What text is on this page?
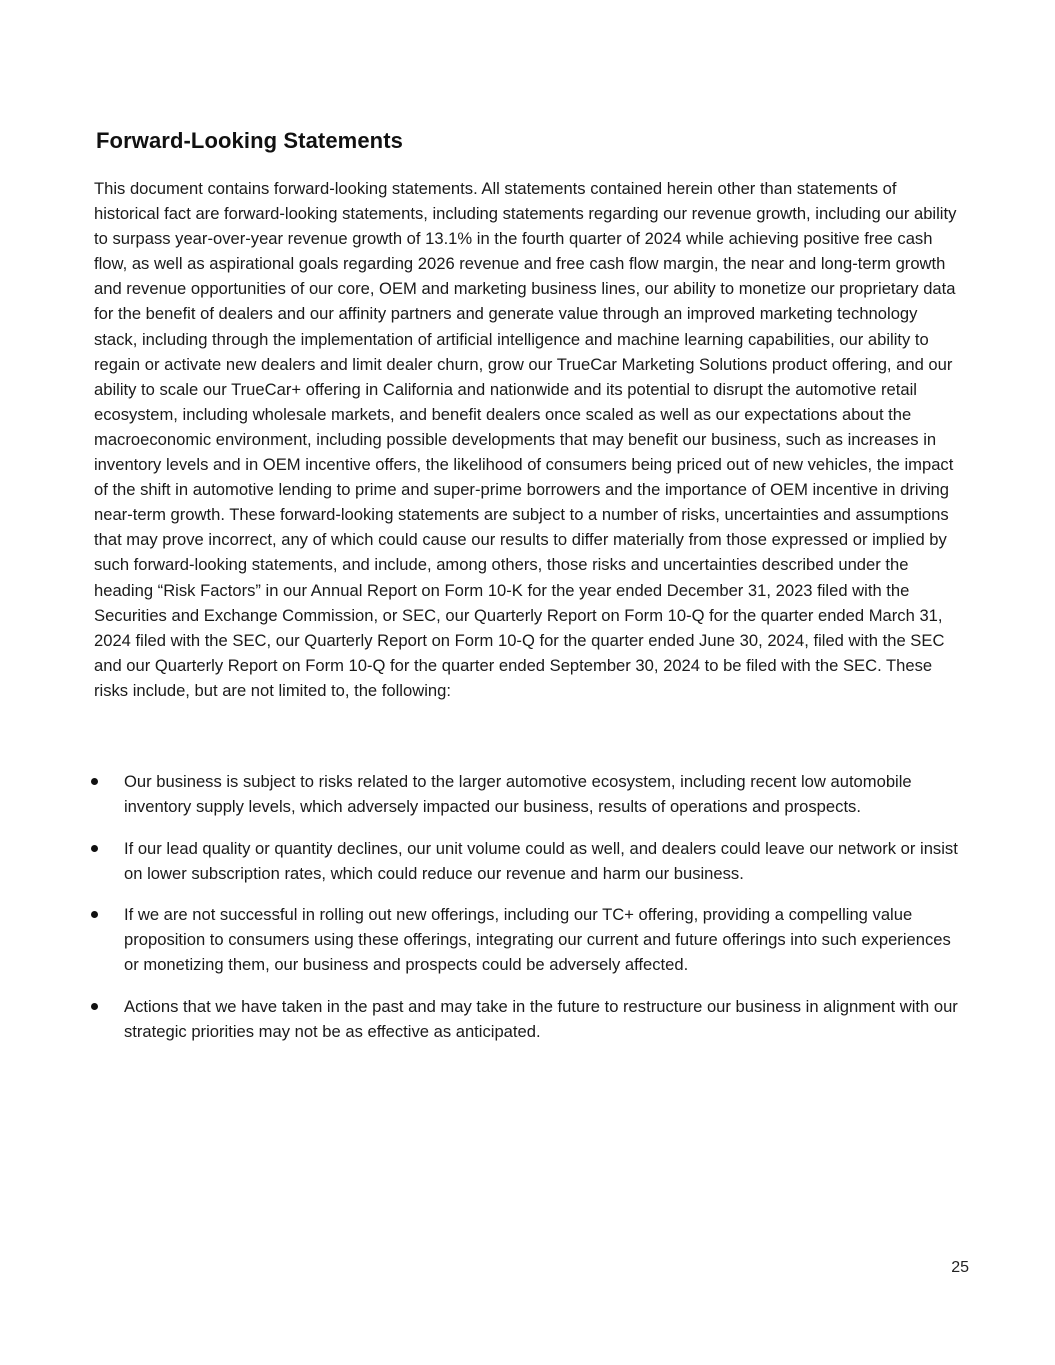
Forward-Looking Statements

This document contains forward-looking statements. All statements contained herein other than statements of historical fact are forward-looking statements, including statements regarding our revenue growth, including our ability to surpass year-over-year revenue growth of 13.1% in the fourth quarter of 2024 while achieving positive free cash flow, as well as aspirational goals regarding 2026 revenue and free cash flow margin, the near and long-term growth and revenue opportunities of our core, OEM and marketing business lines, our ability to monetize our proprietary data for the benefit of dealers and our affinity partners and generate value through an improved marketing technology stack, including through the implementation of artificial intelligence and machine learning capabilities, our ability to regain or activate new dealers and limit dealer churn, grow our TrueCar Marketing Solutions product offering, and our ability to scale our TrueCar+ offering in California and nationwide and its potential to disrupt the automotive retail ecosystem, including wholesale markets, and benefit dealers once scaled as well as our expectations about the macroeconomic environment, including possible developments that may benefit our business, such as increases in inventory levels and in OEM incentive offers, the likelihood of consumers being priced out of new vehicles, the impact of the shift in automotive lending to prime and super-prime borrowers and the importance of OEM incentive in driving near-term growth. These forward-looking statements are subject to a number of risks, uncertainties and assumptions that may prove incorrect, any of which could cause our results to differ materially from those expressed or implied by such forward-looking statements, and include, among others, those risks and uncertainties described under the heading “Risk Factors” in our Annual Report on Form 10-K for the year ended December 31, 2023 filed with the Securities and Exchange Commission, or SEC, our Quarterly Report on Form 10-Q for the quarter ended March 31, 2024 filed with the SEC, our Quarterly Report on Form 10-Q for the quarter ended June 30, 2024, filed with the SEC and our Quarterly Report on Form 10-Q for the quarter ended September 30, 2024 to be filed with the SEC. These risks include, but are not limited to, the following:

Our business is subject to risks related to the larger automotive ecosystem, including recent low automobile inventory supply levels, which adversely impacted our business, results of operations and prospects.
If our lead quality or quantity declines, our unit volume could as well, and dealers could leave our network or insist on lower subscription rates, which could reduce our revenue and harm our business.
If we are not successful in rolling out new offerings, including our TC+ offering, providing a compelling value proposition to consumers using these offerings, integrating our current and future offerings into such experiences or monetizing them, our business and prospects could be adversely affected.
Actions that we have taken in the past and may take in the future to restructure our business in alignment with our strategic priorities may not be as effective as anticipated.
25
